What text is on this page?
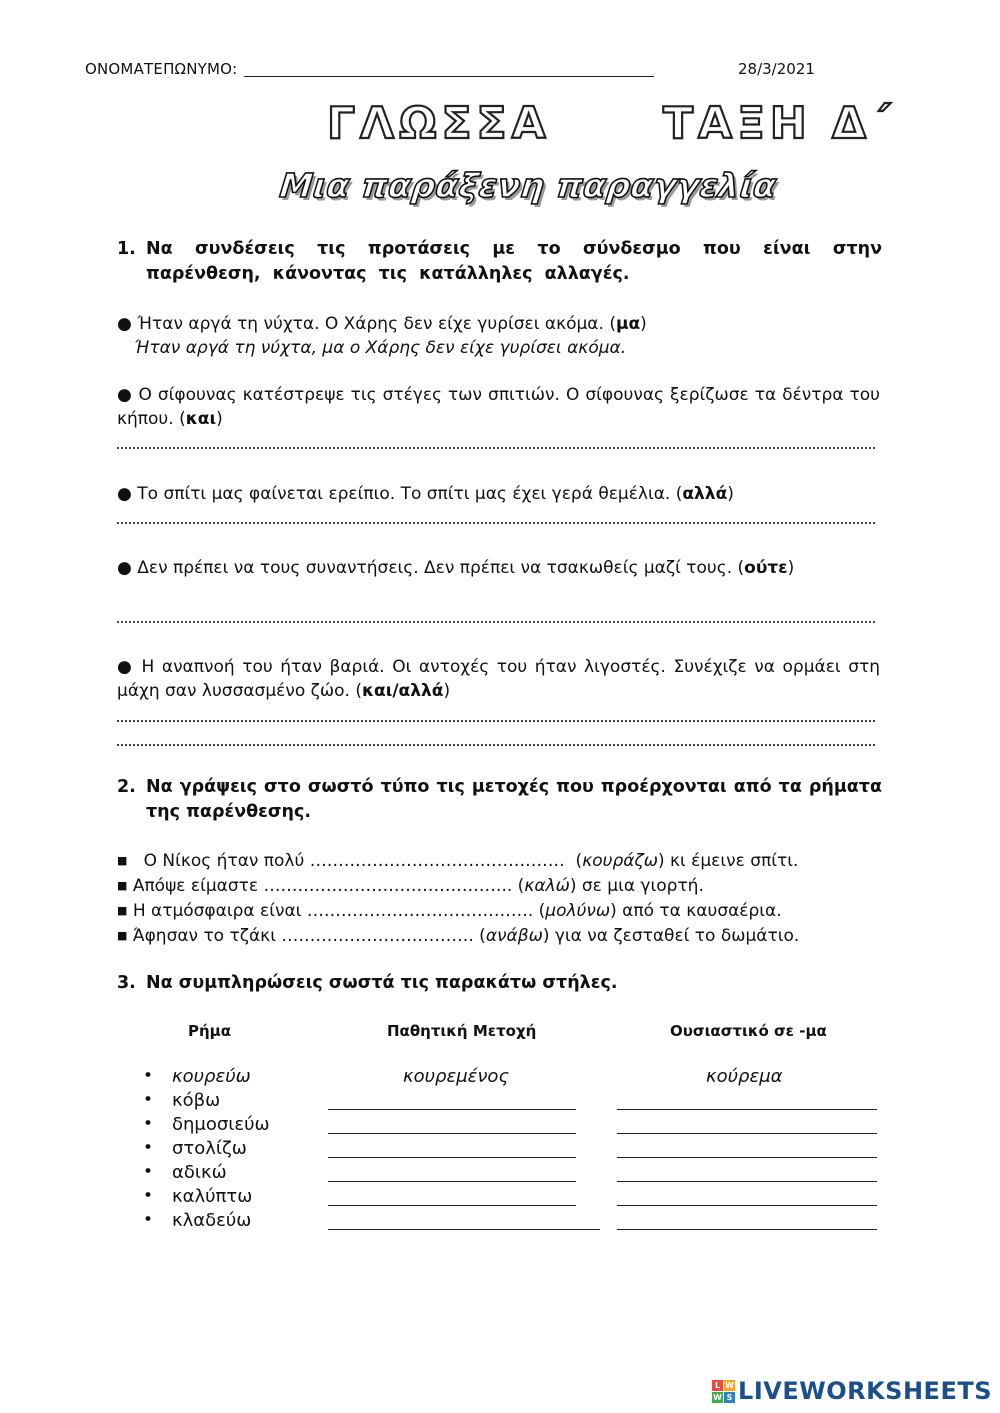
ΟΝΟΜΑΤΕΠΩΝΥΜΟ:	28/3/2021
ΓΛΩΣΣΑ	ΤΑΞΗ Δ΄
Μια παράξενη παραγγελία
1. Να συνδέσεις τις προτάσεις με το σύνδεσμο που είναι στην παρένθεση, κάνοντας τις κατάλληλες αλλαγές.
● Ήταν αργά τη νύχτα. Ο Χάρης δεν είχε γυρίσει ακόμα. (μα)
Ήταν αργά τη νύχτα, μα ο Χάρης δεν είχε γυρίσει ακόμα.
● Ο σίφουνας κατέστρεψε τις στέγες των σπιτιών. Ο σίφουνας ξερίζωσε τα δέντρα του κήπου. (και)
● Το σπίτι μας φαίνεται ερείπιο. Το σπίτι μας έχει γερά θεμέλια. (αλλά)
● Δεν πρέπει να τους συναντήσεις. Δεν πρέπει να τσακωθείς μαζί τους. (ούτε)
● Η αναπνοή του ήταν βαριά. Οι αντοχές του ήταν λιγοστές. Συνέχιζε να ορμάει στη μάχη σαν λυσσασμένο ζώο. (και/αλλά)
2. Να γράψεις στο σωστό τύπο τις μετοχές που προέρχονται από τα ρήματα της παρένθεσης.
■ Ο Νίκος ήταν πολύ ………………………………………  (κουράζω) κι έμεινε σπίτι.
■ Απόψε είμαστε …………………………………….. (καλώ) σε μια γιορτή.
■ Η ατμόσφαιρα είναι …………………………………. (μολύνω) από τα καυσαέρια.
■ Άφησαν το τζάκι ……………………………. (ανάβω) για να ζεσταθεί το δωμάτιο.
3. Να συμπληρώσεις σωστά τις παρακάτω στήλες.
Ρήμα	Παθητική Μετοχή	Ουσιαστικό σε -μα
• κουρεύω	κουρεμένος	κούρεμα
• κόβω
• δημοσιεύω
• στολίζω
• αδικώ
• καλύπτω
• κλαδεύω
L W
W S LIVEWORKSHEETS
